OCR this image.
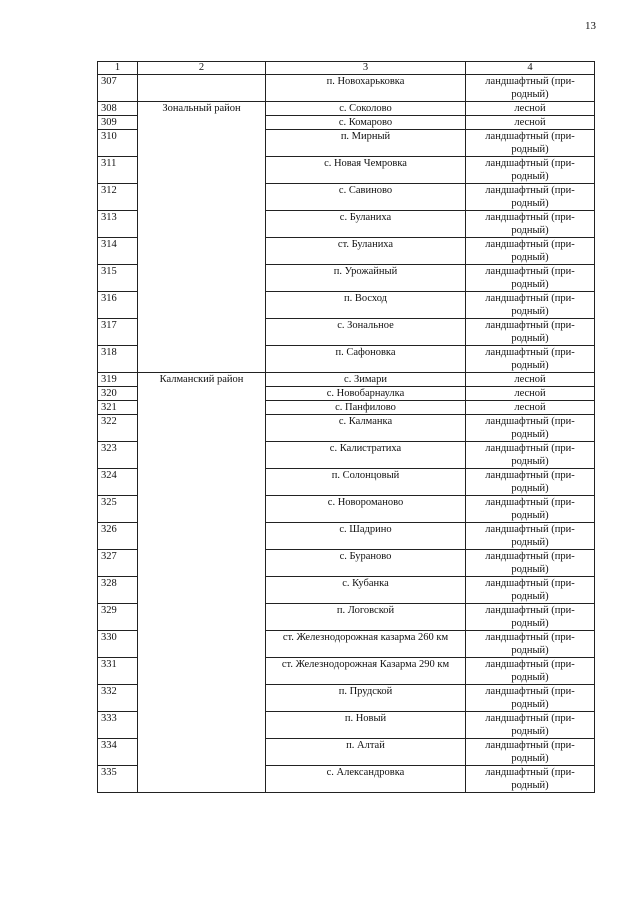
13
1	2	3	4
307		п. Новохарьковка	ландшафтный (при-родный)
308	Зональный район	с. Соколово	лесной
309		с. Комарово	лесной
310		п. Мирный	ландшафтный (при-родный)
311		с. Новая Чемровка	ландшафтный (при-родный)
312		с. Савиново	ландшафтный (при-родный)
313		с. Буланиха	ландшафтный (при-родный)
314		ст. Буланиха	ландшафтный (при-родный)
315		п. Урожайный	ландшафтный (при-родный)
316		п. Восход	ландшафтный (при-родный)
317		с. Зональное	ландшафтный (при-родный)
318		п. Сафоновка	ландшафтный (при-родный)
319	Калманский район	с. Зимари	лесной
320		с. Новобарнаулка	лесной
321		с. Панфилово	лесной
322		с. Калманка	ландшафтный (при-родный)
323		с. Калистратиха	ландшафтный (при-родный)
324		п. Солонцовый	ландшафтный (при-родный)
325		с. Новороманово	ландшафтный (при-родный)
326		с. Шадрино	ландшафтный (при-родный)
327		с. Бураново	ландшафтный (при-родный)
328		с. Кубанка	ландшафтный (при-родный)
329		п. Логовской	ландшафтный (при-родный)
330		ст. Железнодорожная казарма 260 км	ландшафтный (при-родный)
331		ст. Железнодорожная Казарма 290 км	ландшафтный (при-родный)
332		п. Прудской	ландшафтный (при-родный)
333		п. Новый	ландшафтный (при-родный)
334		п. Алтай	ландшафтный (при-родный)
335		с. Александровка	ландшафтный (при-родный)
